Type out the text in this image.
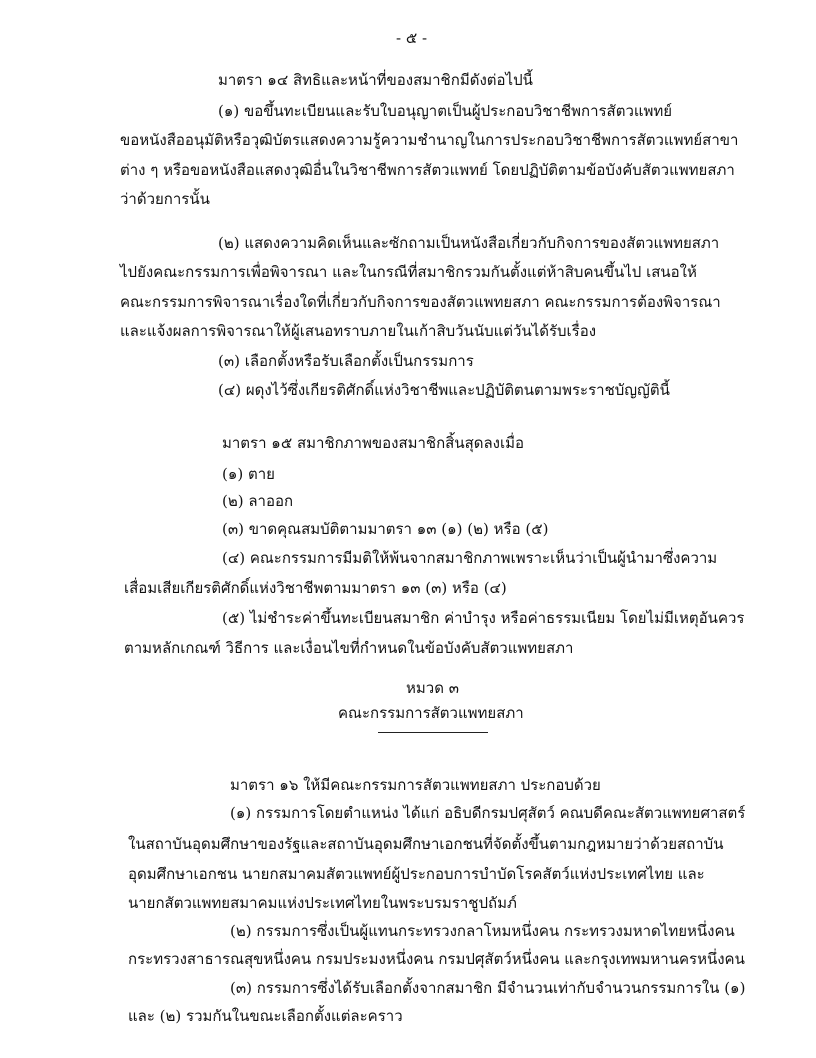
- ๕ -
มาตรา ๑๔ สิทธิและหน้าที่ของสมาชิกมีดังต่อไปนี้
(๑) ขอขึ้นทะเบียนและรับใบอนุญาตเป็นผู้ประกอบวิชาชีพการสัตวแพทย์
ขอหนังสืออนุมัติหรือวุฒิบัตรแสดงความรู้ความชำนาญในการประกอบวิชาชีพการสัตวแพทย์สาขา
ต่าง ๆ หรือขอหนังสือแสดงวุฒิอื่นในวิชาชีพการสัตวแพทย์ โดยปฏิบัติตามข้อบังคับสัตวแพทยสภา
ว่าด้วยการนั้น
(๒) แสดงความคิดเห็นและซักถามเป็นหนังสือเกี่ยวกับกิจการของสัตวแพทยสภา
ไปยังคณะกรรมการเพื่อพิจารณา และในกรณีที่สมาชิกรวมกันตั้งแต่ห้าสิบคนขึ้นไป เสนอให้
คณะกรรมการพิจารณาเรื่องใดที่เกี่ยวกับกิจการของสัตวแพทยสภา คณะกรรมการต้องพิจารณา
และแจ้งผลการพิจารณาให้ผู้เสนอทราบภายในเก้าสิบวันนับแต่วันได้รับเรื่อง
(๓) เลือกตั้งหรือรับเลือกตั้งเป็นกรรมการ
(๔) ผดุงไว้ซึ่งเกียรติศักดิ์แห่งวิชาชีพและปฏิบัติตนตามพระราชบัญญัตินี้
มาตรา ๑๕ สมาชิกภาพของสมาชิกสิ้นสุดลงเมื่อ
(๑) ตาย
(๒) ลาออก
(๓) ขาดคุณสมบัติตามมาตรา ๑๓ (๑) (๒) หรือ (๕)
(๔) คณะกรรมการมีมติให้พ้นจากสมาชิกภาพเพราะเห็นว่าเป็นผู้นำมาซึ่งความ
เสื่อมเสียเกียรติศักดิ์แห่งวิชาชีพตามมาตรา ๑๓ (๓) หรือ (๔)
(๕) ไม่ชำระค่าขึ้นทะเบียนสมาชิก ค่าบำรุง หรือค่าธรรมเนียม โดยไม่มีเหตุอันควร
ตามหลักเกณฑ์ วิธีการ และเงื่อนไขที่กำหนดในข้อบังคับสัตวแพทยสภา
หมวด ๓
คณะกรรมการสัตวแพทยสภา
มาตรา ๑๖ ให้มีคณะกรรมการสัตวแพทยสภา ประกอบด้วย
(๑) กรรมการโดยตำแหน่ง ได้แก่ อธิบดีกรมปศุสัตว์ คณบดีคณะสัตวแพทยศาสตร์
ในสถาบันอุดมศึกษาของรัฐและสถาบันอุดมศึกษาเอกชนที่จัดตั้งขึ้นตามกฎหมายว่าด้วยสถาบัน
อุดมศึกษาเอกชน นายกสมาคมสัตวแพทย์ผู้ประกอบการบำบัดโรคสัตว์แห่งประเทศไทย และ
นายกสัตวแพทยสมาคมแห่งประเทศไทยในพระบรมราชูปถัมภ์
(๒) กรรมการซึ่งเป็นผู้แทนกระทรวงกลาโหมหนึ่งคน กระทรวงมหาดไทยหนึ่งคน
กระทรวงสาธารณสุขหนึ่งคน กรมประมงหนึ่งคน กรมปศุสัตว์หนึ่งคน และกรุงเทพมหานครหนึ่งคน
(๓) กรรมการซึ่งได้รับเลือกตั้งจากสมาชิก มีจำนวนเท่ากับจำนวนกรรมการใน (๑)
และ (๒) รวมกันในขณะเลือกตั้งแต่ละคราว
